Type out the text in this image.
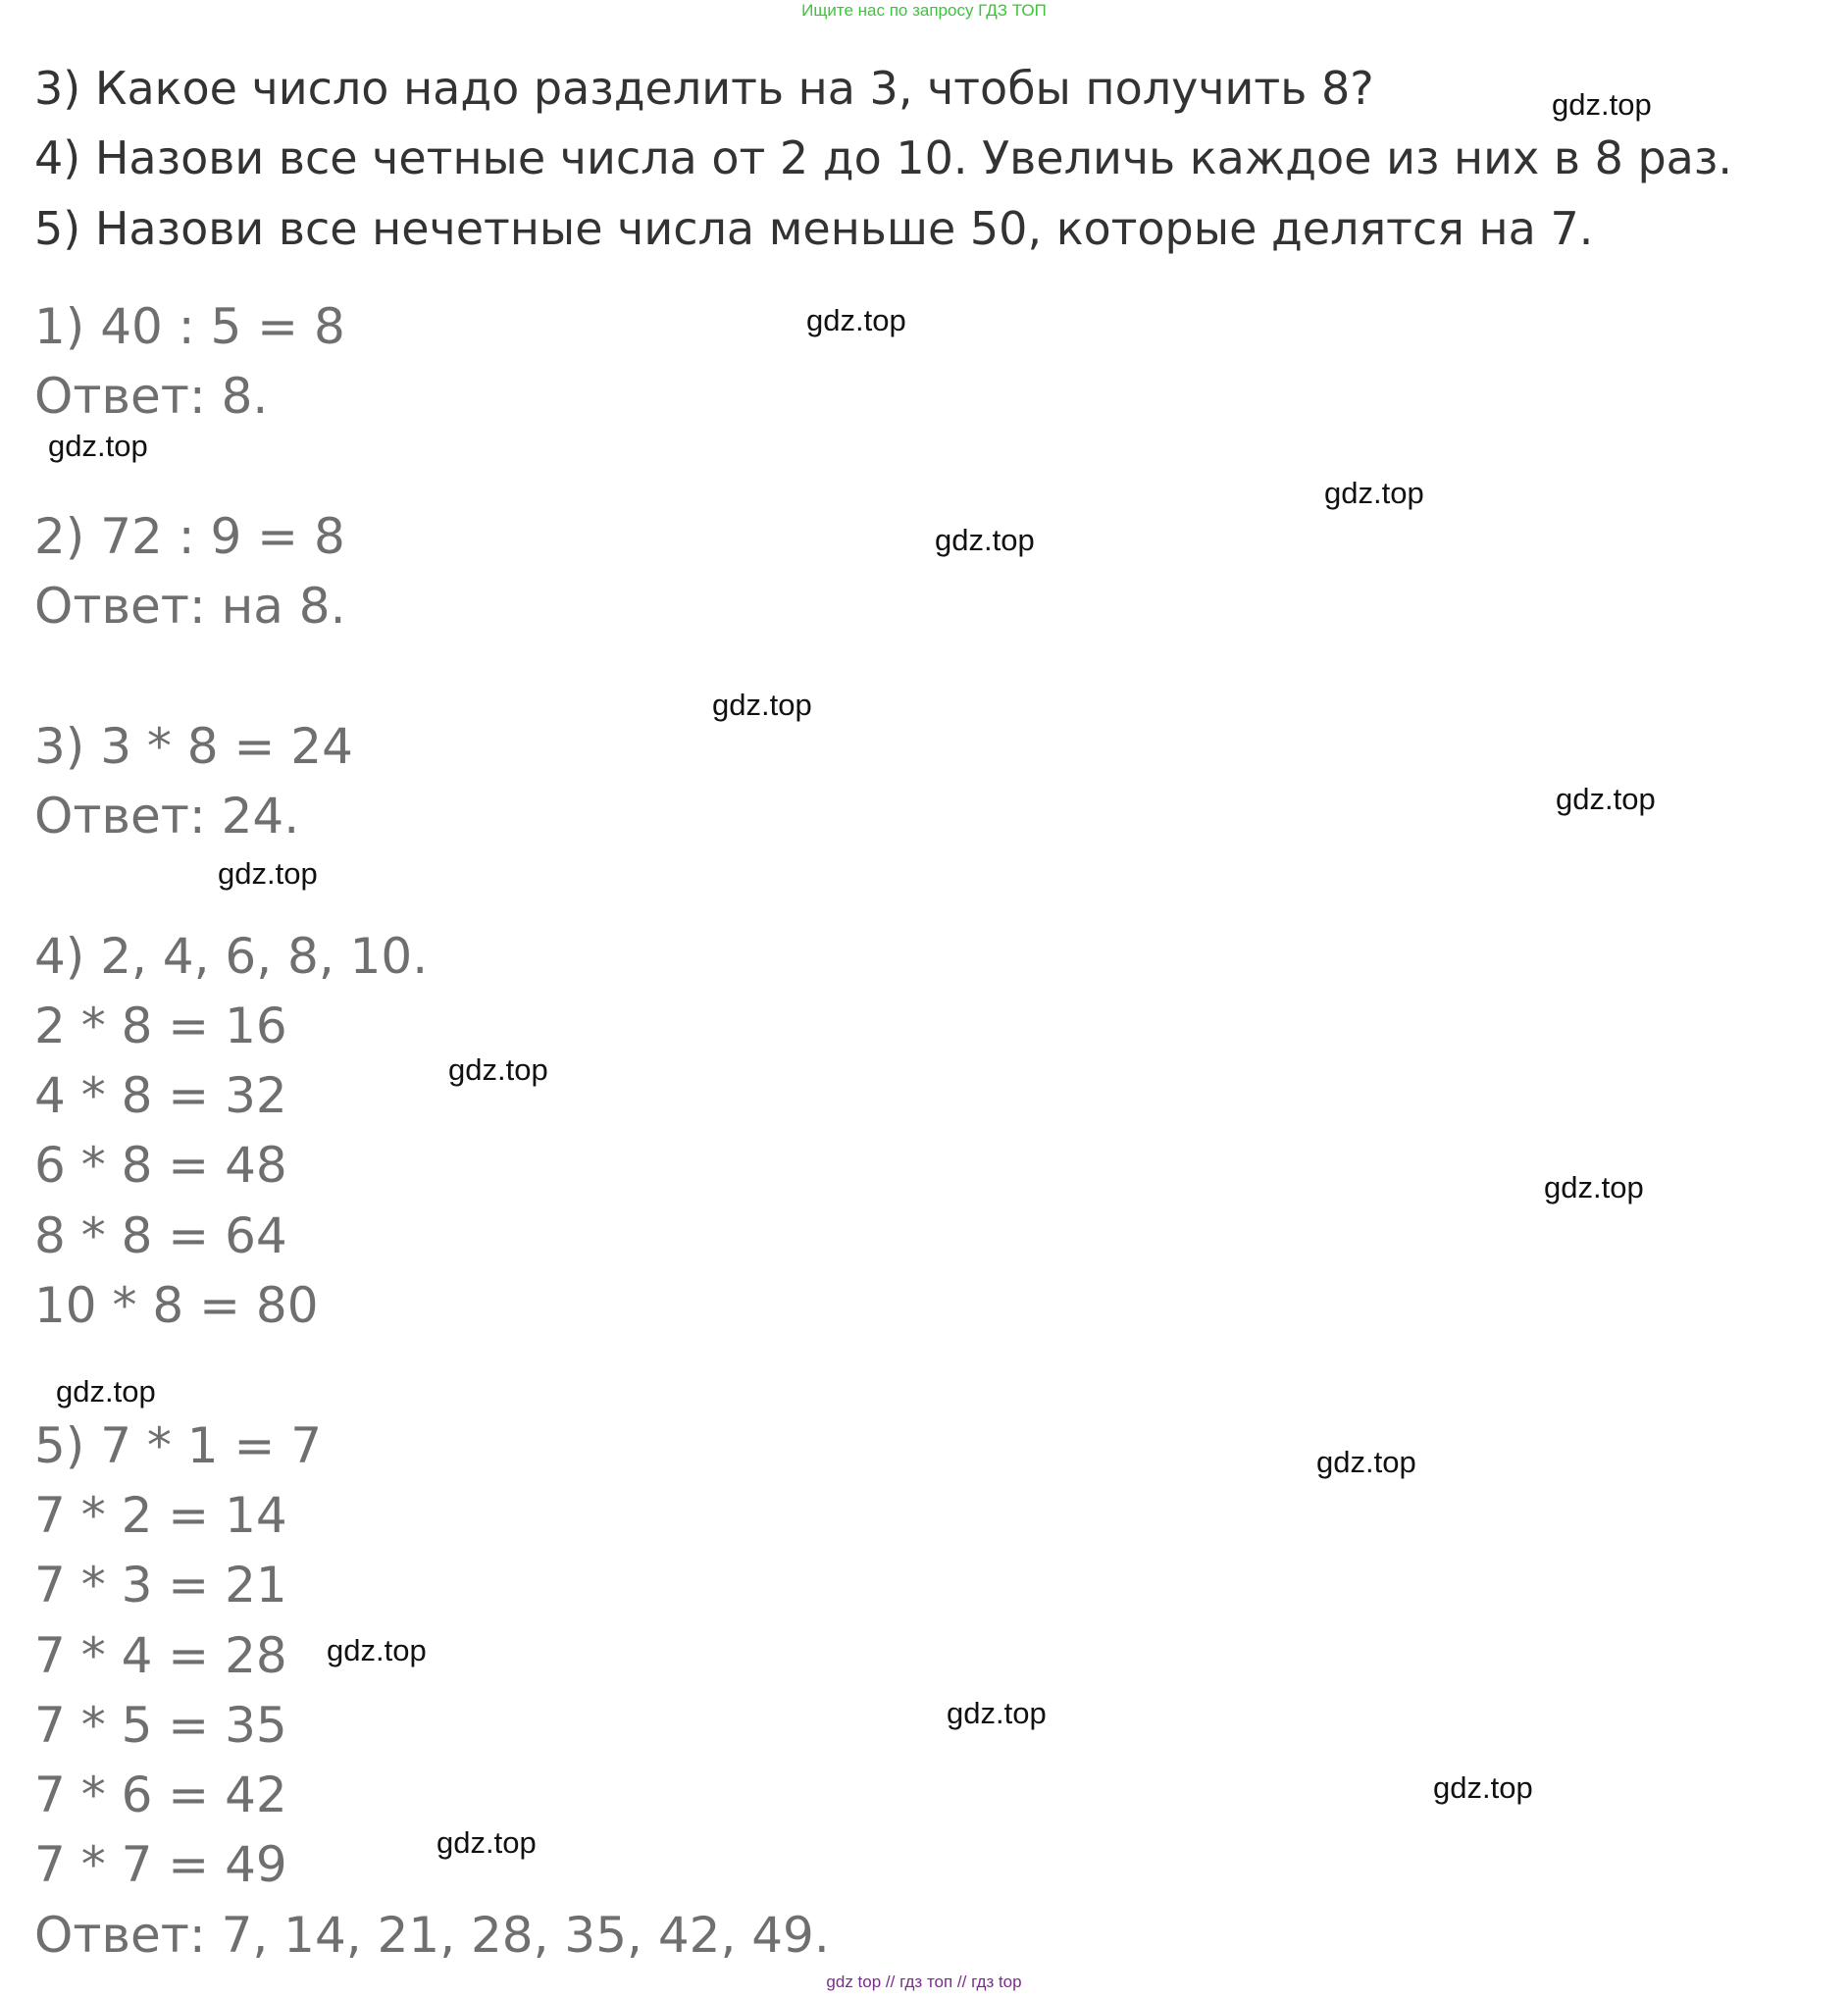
Ищите нас по запросу ГДЗ ТОП
3) Какое число надо разделить на 3, чтобы получить 8?
4) Назови все четные числа от 2 до 10. Увеличь каждое из них в 8 раз.
5) Назови все нечетные числа меньше 50, которые делятся на 7.
1) 40 : 5 = 8
Ответ: 8.
2) 72 : 9 = 8
Ответ: на 8.
3) 3 * 8 = 24
Ответ: 24.
4) 2, 4, 6, 8, 10.
2 * 8 = 16
4 * 8 = 32
6 * 8 = 48
8 * 8 = 64
10 * 8 = 80
5) 7 * 1 = 7
7 * 2 = 14
7 * 3 = 21
7 * 4 = 28
7 * 5 = 35
7 * 6 = 42
7 * 7 = 49
Ответ: 7, 14, 21, 28, 35, 42, 49.
gdz.top
gdz.top
gdz.top
gdz.top
gdz.top
gdz.top
gdz.top
gdz.top
gdz.top
gdz.top
gdz.top
gdz.top
gdz.top
gdz.top
gdz.top
gdz.top
gdz top // гдз топ // гдз top
